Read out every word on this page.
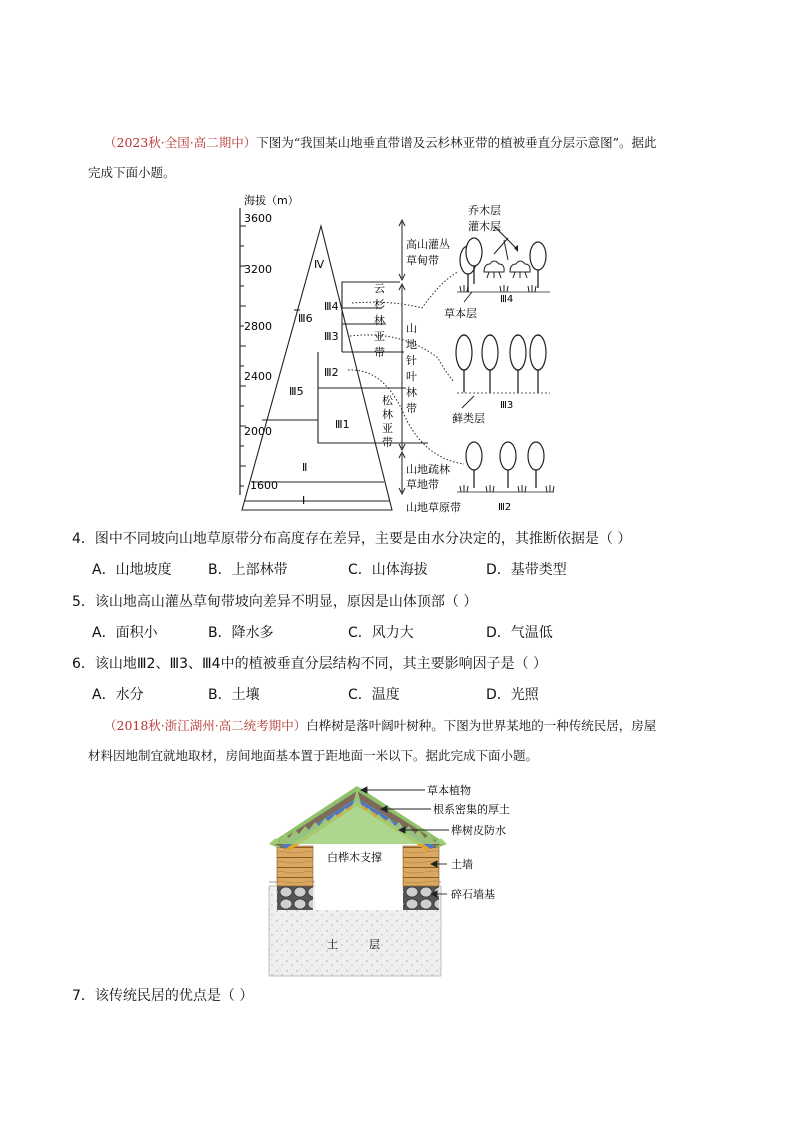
（2023秋·全国·高二期中）下图为“我国某山地垂直带谱及云杉林亚带的植被垂直分层示意图”。据此
完成下面小题。
海拔（m）
3600
3200
2800
2400
2000
1600
Ⅳ
Ⅲ4
Ⅲ6
Ⅲ3
Ⅲ2
Ⅲ5
Ⅲ1
Ⅱ
Ⅰ
云
杉
林
亚
带
松
林
亚
带
高山灌丛
草甸带
山
地
针
叶
林
带
山地疏林
草地带
山地草原带
乔木层
灌木层
草本层
Ⅲ4
Ⅲ3
藓类层
Ⅲ2
4．图中不同坡向山地草原带分布高度存在差异，主要是由水分决定的，其推断依据是（ ）
A．山地坡度	B．上部林带	C．山体海拔	D．基带类型
5．该山地高山灌丛草甸带坡向差异不明显，原因是山体顶部（ ）
A．面积小	B．降水多	C．风力大	D．气温低
6．该山地Ⅲ2、Ⅲ3、Ⅲ4中的植被垂直分层结构不同，其主要影响因子是（ ）
A．水分	B．土壤	C．温度	D．光照
（2018秋·浙江湖州·高二统考期中）白桦树是落叶阔叶树种。下图为世界某地的一种传统民居，房屋
材料因地制宜就地取材，房间地面基本置于距地面一米以下。据此完成下面小题。
草本植物
根系密集的厚土
桦树皮防水
土墙
碎石墙基
白桦木支撑
土	层
7．该传统民居的优点是（ ）
